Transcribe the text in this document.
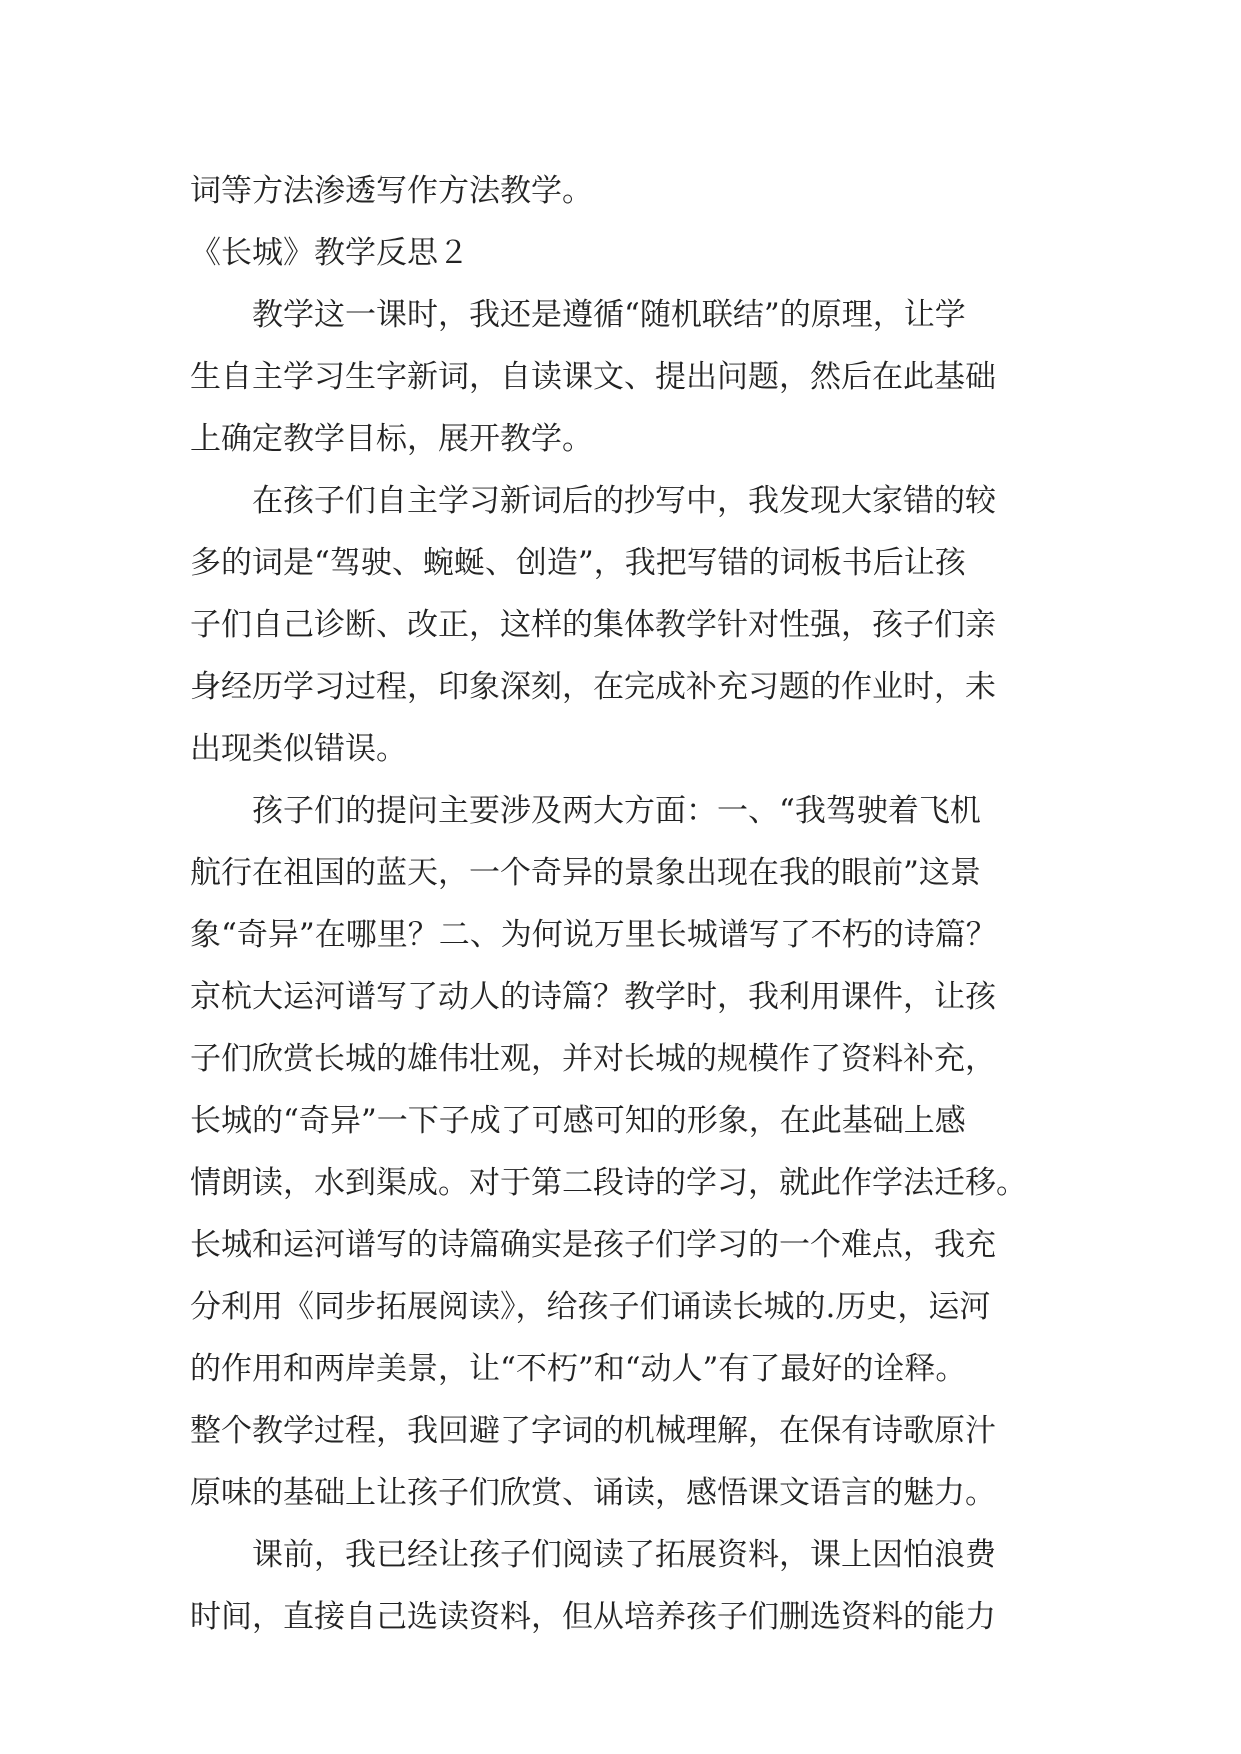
词等方法渗透写作方法教学。
《长城》教学反思２
　　教学这一课时，我还是遵循“随机联结”的原理，让学
生自主学习生字新词，自读课文、提出问题，然后在此基础
上确定教学目标，展开教学。
　　在孩子们自主学习新词后的抄写中，我发现大家错的较
多的词是“驾驶、蜿蜒、创造”，我把写错的词板书后让孩
子们自己诊断、改正，这样的集体教学针对性强，孩子们亲
身经历学习过程，印象深刻，在完成补充习题的作业时，未
出现类似错误。
　　孩子们的提问主要涉及两大方面：一、“我驾驶着飞机
航行在祖国的蓝天，一个奇异的景象出现在我的眼前”这景
象“奇异”在哪里？二、为何说万里长城谱写了不朽的诗篇？
京杭大运河谱写了动人的诗篇？教学时，我利用课件，让孩
子们欣赏长城的雄伟壮观，并对长城的规模作了资料补充，
长城的“奇异”一下子成了可感可知的形象，在此基础上感
情朗读，水到渠成。对于第二段诗的学习，就此作学法迁移。
长城和运河谱写的诗篇确实是孩子们学习的一个难点，我充
分利用《同步拓展阅读》，给孩子们诵读长城的.历史，运河
的作用和两岸美景，让“不朽”和“动人”有了最好的诠释。
整个教学过程，我回避了字词的机械理解，在保有诗歌原汁
原味的基础上让孩子们欣赏、诵读，感悟课文语言的魅力。
　　课前，我已经让孩子们阅读了拓展资料，课上因怕浪费
时间，直接自己选读资料，但从培养孩子们删选资料的能力
